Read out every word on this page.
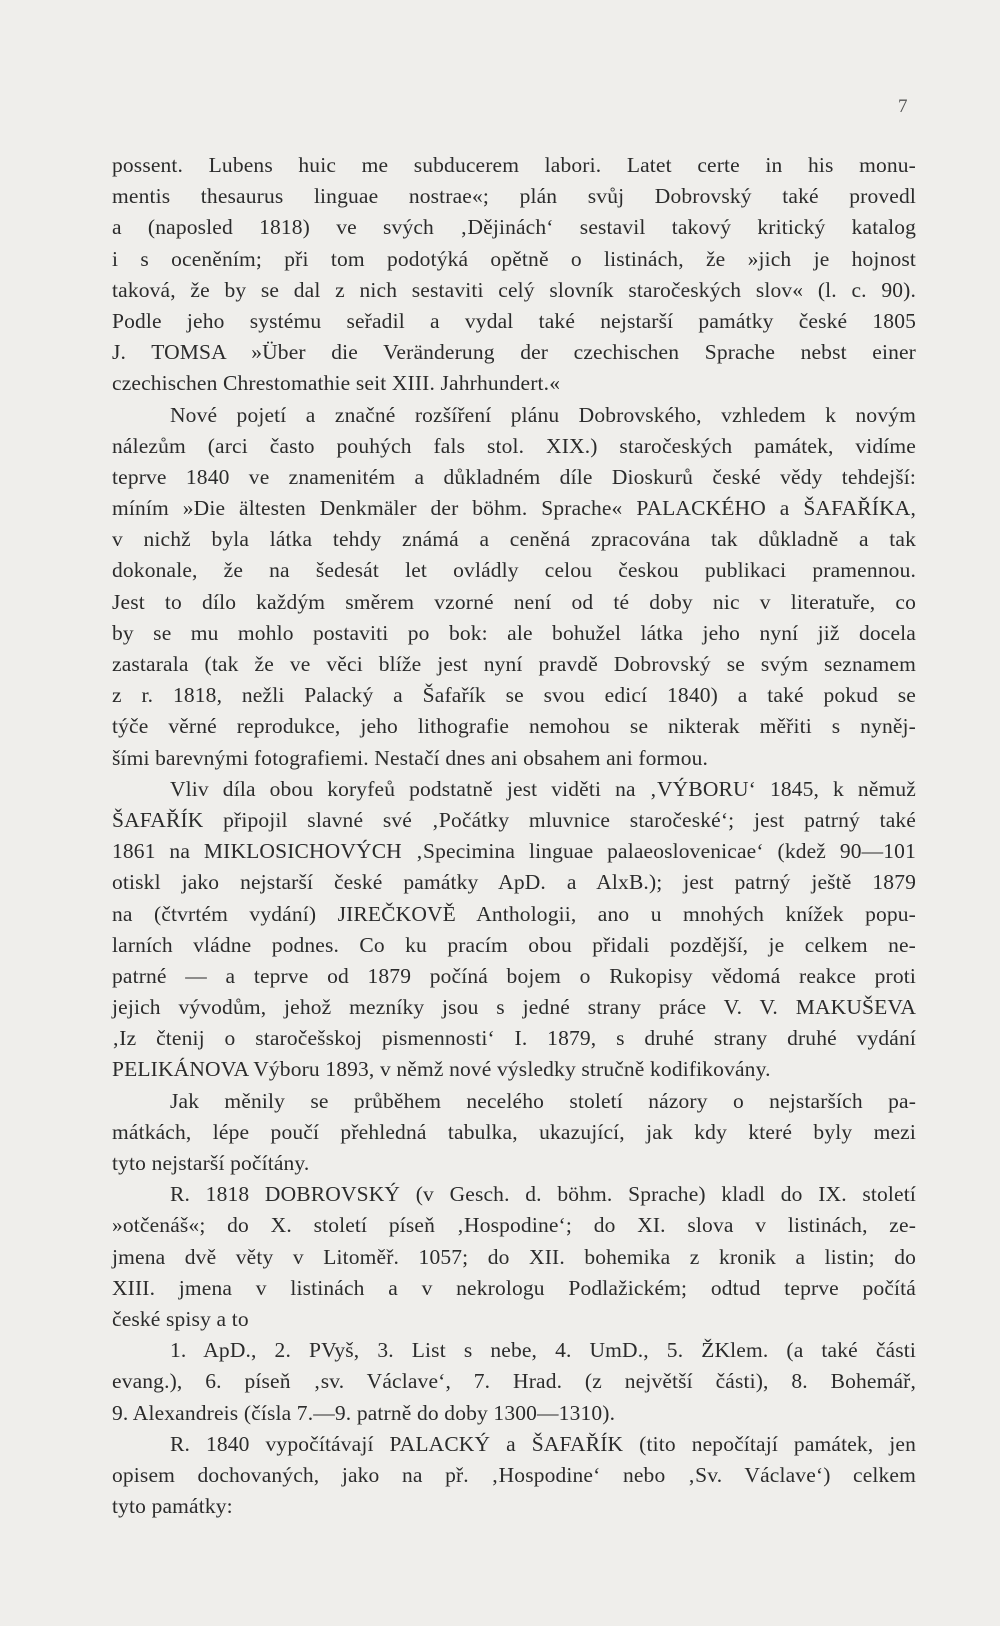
7
possent. Lubens huic me subducerem labori. Latet certe in his monu-
mentis thesaurus linguae nostrae«; plán svůj Dobrovský také provedl
a (naposled 1818) ve svých ‚Dějinách‘ sestavil takový kritický katalog
i s oceněním; při tom podotýká opětně o listinách, že »jich je hojnost
taková, že by se dal z nich sestaviti celý slovník staročeských slov« (l. c. 90).
Podle jeho systému seřadil a vydal také nejstarší památky české 1805
J. TOMSA »Über die Veränderung der czechischen Sprache nebst einer
czechischen Chrestomathie seit XIII. Jahrhundert.«
Nové pojetí a značné rozšíření plánu Dobrovského, vzhledem k novým
nálezům (arci často pouhých fals stol. XIX.) staročeských památek, vidíme
teprve 1840 ve znamenitém a důkladném díle Dioskurů české vědy tehdejší:
míním »Die ältesten Denkmäler der böhm. Sprache« PALACKÉHO a ŠAFAŘÍKA,
v nichž byla látka tehdy známá a ceněná zpracována tak důkladně a tak
dokonale, že na šedesát let ovládly celou českou publikaci pramennou.
Jest to dílo každým směrem vzorné není od té doby nic v literatuře, co
by se mu mohlo postaviti po bok: ale bohužel látka jeho nyní již docela
zastarala (tak že ve věci blíže jest nyní pravdě Dobrovský se svým seznamem
z r. 1818, nežli Palacký a Šafařík se svou edicí 1840) a také pokud se
týče věrné reprodukce, jeho lithografie nemohou se nikterak měřiti s nyněj-
šími barevnými fotografiemi. Nestačí dnes ani obsahem ani formou.
Vliv díla obou koryfeů podstatně jest viděti na ‚VÝBORU‘ 1845, k němuž
ŠAFAŘÍK připojil slavné své ‚Počátky mluvnice staročeské‘; jest patrný také
1861 na MIKLOSICHOVÝCH ‚Specimina linguae palaeoslovenicae‘ (kdež 90—101
otiskl jako nejstarší české památky ApD. a AlxB.); jest patrný ještě 1879
na (čtvrtém vydání) JIREČKOVĚ Anthologii, ano u mnohých knížek popu-
larních vládne podnes. Co ku pracím obou přidali pozdější, je celkem ne-
patrné — a teprve od 1879 počíná bojem o Rukopisy vědomá reakce proti
jejich vývodům, jehož mezníky jsou s jedné strany práce V. V. MAKUŠEVA
‚Iz čtenij o staročešskoj pismennosti‘ I. 1879, s druhé strany druhé vydání
PELIKÁNOVA Výboru 1893, v němž nové výsledky stručně kodifikovány.
Jak měnily se průběhem necelého století názory o nejstarších pa-
mátkách, lépe poučí přehledná tabulka, ukazující, jak kdy které byly mezi
tyto nejstarší počítány.
R. 1818 DOBROVSKÝ (v Gesch. d. böhm. Sprache) kladl do IX. století
»otčenáš«; do X. století píseň ‚Hospodine‘; do XI. slova v listinách, ze-
jmena dvě věty v Litoměř. 1057; do XII. bohemika z kronik a listin; do
XIII. jmena v listinách a v nekrologu Podlažickém; odtud teprve počítá
české spisy a to
1. ApD., 2. PVyš, 3. List s nebe, 4. UmD., 5. ŽKlem. (a také části
evang.), 6. píseň ‚sv. Václave‘, 7. Hrad. (z největší části), 8. Bohemář,
9. Alexandreis (čísla 7.—9. patrně do doby 1300—1310).
R. 1840 vypočítávají PALACKÝ a ŠAFAŘÍK (tito nepočítají památek, jen
opisem dochovaných, jako na př. ‚Hospodine‘ nebo ‚Sv. Václave‘) celkem
tyto památky:
